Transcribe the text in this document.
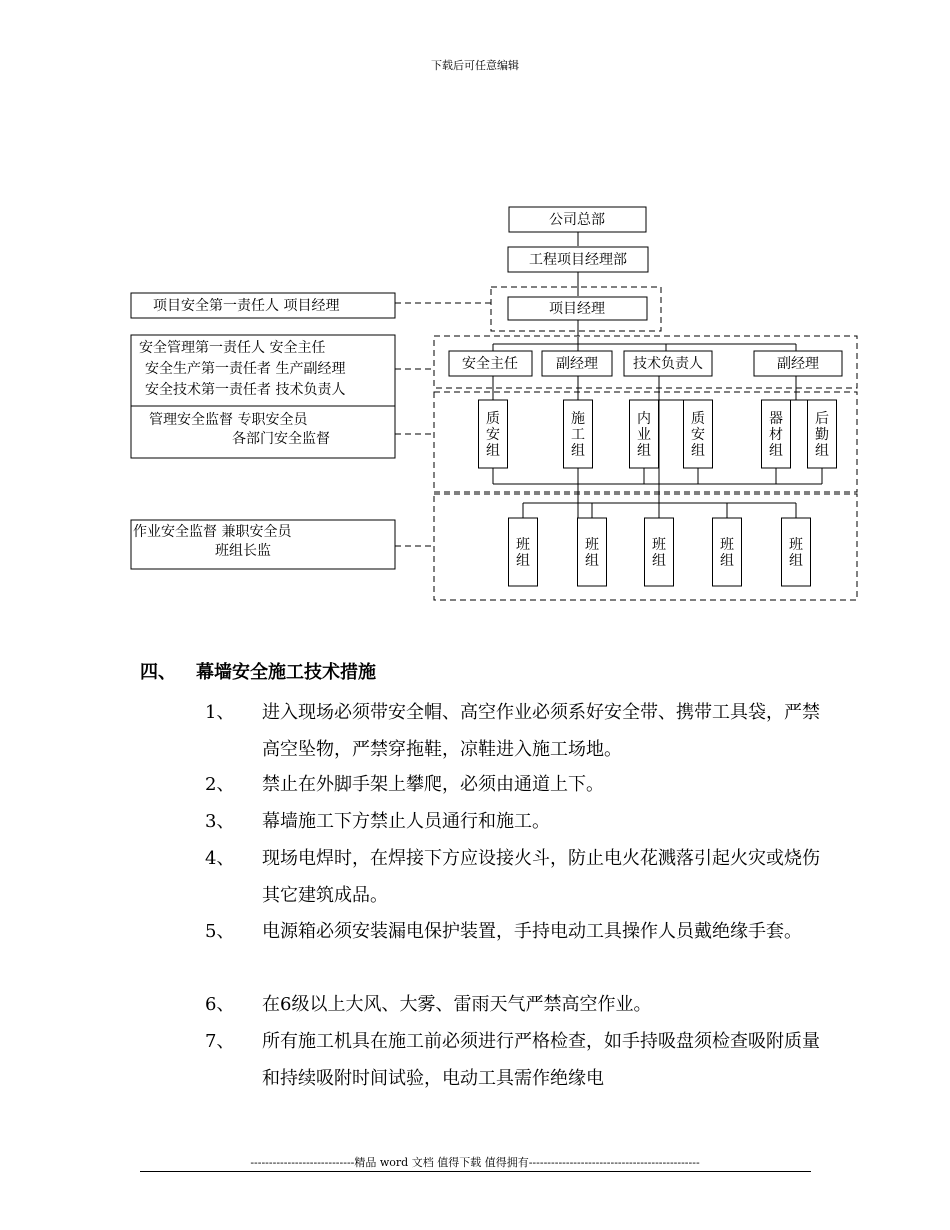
下载后可任意编辑
公司总部
工程项目经理部
项目经理
安全主任	副经理	技术负责人	副经理
质
安
组
施
工
组
内
业
组
质
安
组
器
材
组
后
勤
组
班
组
班
组
班
组
班
组
班
组
项目安全第一责任人 项目经理
安全管理第一责任人 安全主任
安全生产第一责任者 生产副经理
安全技术第一责任者 技术负责人
管理安全监督 专职安全员
各部门安全监督
作业安全监督 兼职安全员
班组长监
四、 幕墙安全施工技术措施
1、	进入现场必须带安全帽、高空作业必须系好安全带、携带工具袋，严禁高空坠物，严禁穿拖鞋，凉鞋进入施工场地。
2、	禁止在外脚手架上攀爬，必须由通道上下。
3、	幕墙施工下方禁止人员通行和施工。
4、	现场电焊时，在焊接下方应设接火斗，防止电火花溅落引起火灾或烧伤其它建筑成品。
5、	电源箱必须安装漏电保护装置，手持电动工具操作人员戴绝缘手套。
6、	在6级以上大风、大雾、雷雨天气严禁高空作业。
7、	所有施工机具在施工前必须进行严格检查，如手持吸盘须检查吸附质量和持续吸附时间试验，电动工具需作绝缘电
----------------------------精品 word 文档 值得下载 值得拥有----------------------------------------------
